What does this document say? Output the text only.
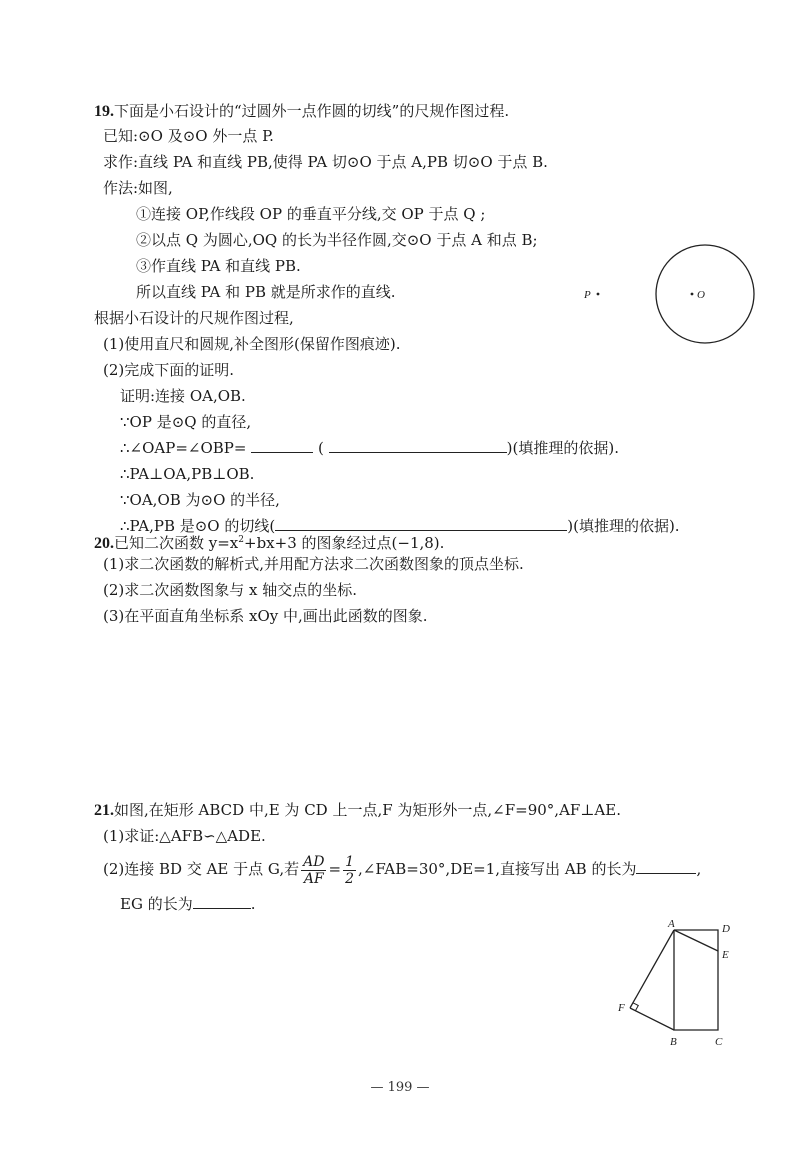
19.下面是小石设计的“过圆外一点作圆的切线”的尺规作图过程.
已知:⊙O 及⊙O 外一点 P.
求作:直线 PA 和直线 PB,使得 PA 切⊙O 于点 A,PB 切⊙O 于点 B.
作法:如图,
①连接 OP,作线段 OP 的垂直平分线,交 OP 于点 Q ;
②以点 Q 为圆心,OQ 的长为半径作圆,交⊙O 于点 A 和点 B;
③作直线 PA 和直线 PB.
所以直线 PA 和 PB 就是所求作的直线.
根据小石设计的尺规作图过程,
(1)使用直尺和圆规,补全图形(保留作图痕迹).
(2)完成下面的证明.
证明:连接 OA,OB.
∵OP 是⊙Q 的直径,
∴∠OAP=∠OBP=	(	)(填推理的依据).
∴PA⊥OA,PB⊥OB.
∵OA,OB 为⊙O 的半径,
∴PA,PB 是⊙O 的切线(	)(填推理的依据).
O
P
20.已知二次函数 $y=x^2+bx+3$ 的图象经过点(−1,8).
(1)求二次函数的解析式,并用配方法求二次函数图象的顶点坐标.
(2)求二次函数图象与 x 轴交点的坐标.
(3)在平面直角坐标系 xOy 中,画出此函数的图象.
21.如图,在矩形 ABCD 中,E 为 CD 上一点,F 为矩形外一点,∠F=90°,AF⊥AE.
(1)求证:△AFB∽△ADE.
(2)连接 BD 交 AE 于点 G,若 $\frac{AD}{AF} = \frac{1}{2}$ ,∠FAB=30°,DE=1,直接写出 AB 的长为	,
EG 的长为	.
A	D
E
F
B	C
— 199 —
